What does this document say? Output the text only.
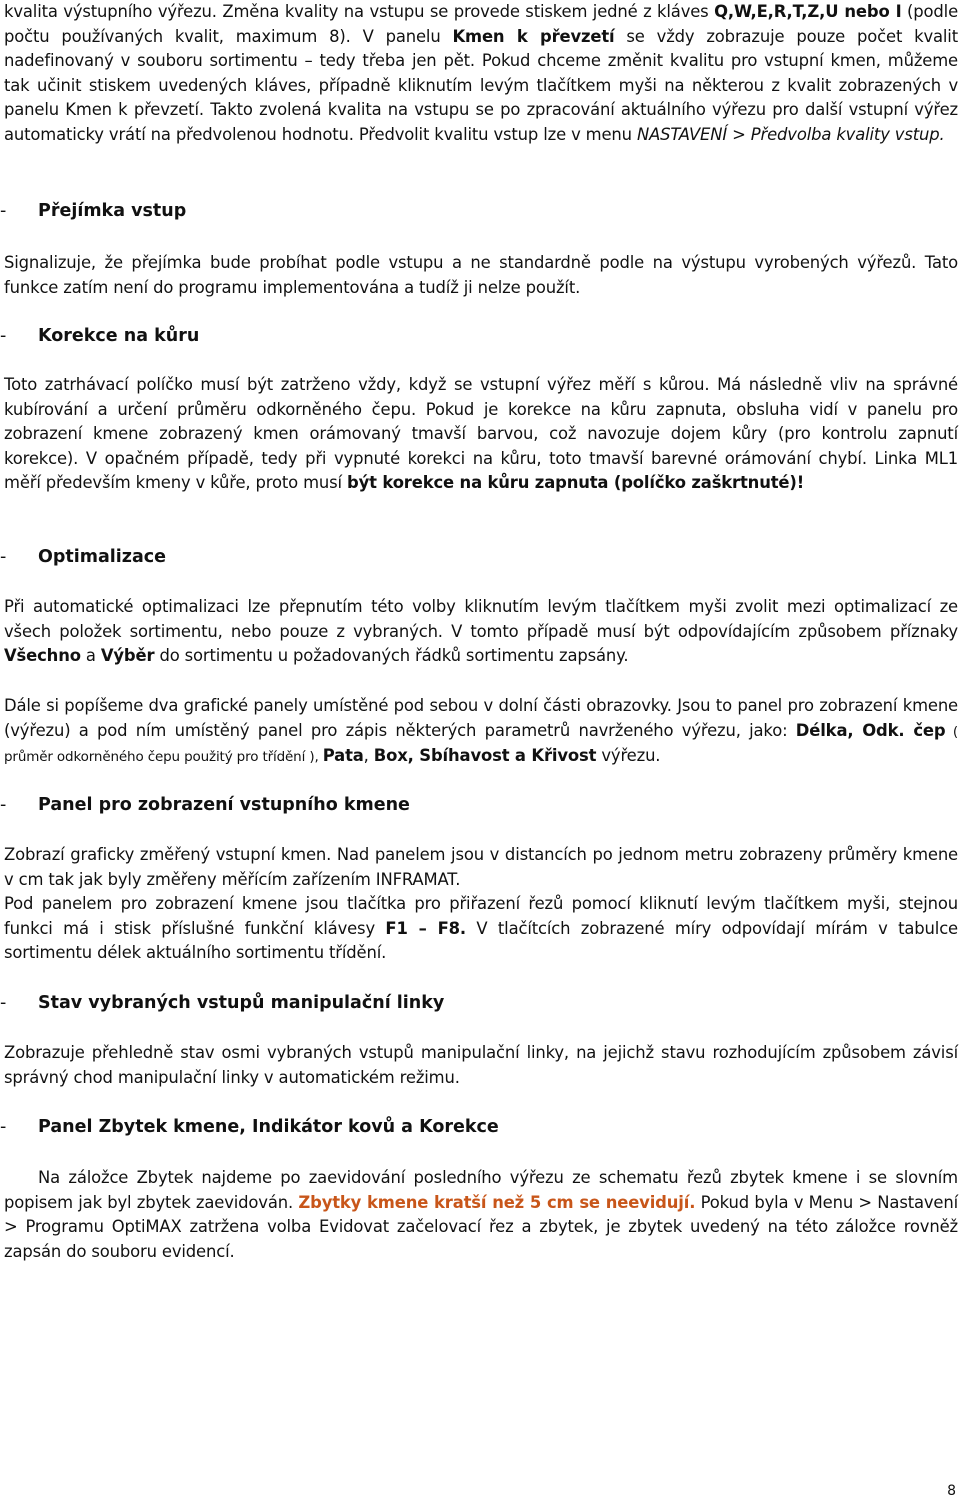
kvalita výstupního výřezu. Změna kvality na vstupu se provede stiskem jedné z kláves Q,W,E,R,T,Z,U nebo I (podle počtu používaných kvalit, maximum 8). V panelu Kmen k převzetí se vždy zobrazuje pouze počet kvalit nadefinovaný v souboru sortimentu – tedy třeba jen pět. Pokud chceme změnit kvalitu pro vstupní kmen, můžeme tak učinit stiskem uvedených kláves, případně kliknutím levým tlačítkem myši na některou z kvalit zobrazených v panelu Kmen k převzetí. Takto zvolená kvalita na vstupu se po zpracování aktuálního výřezu pro další vstupní výřez automaticky vrátí na předvolenou hodnotu. Předvolit kvalitu vstup lze v menu NASTAVENÍ > Předvolba kvality vstup.

- Přejímka vstup

Signalizuje, že přejímka bude probíhat podle vstupu a ne standardně podle na výstupu vyrobených výřezů. Tato funkce zatím není do programu implementována a tudíž ji nelze použít.

- Korekce na kůru

Toto zatrhávací políčko musí být zatrženo vždy, když se vstupní výřez měří s kůrou. Má následně vliv na správné kubírování a určení průměru odkorněného čepu. Pokud je korekce na kůru zapnuta, obsluha vidí v panelu pro zobrazení kmene zobrazený kmen orámovaný tmavší barvou, což navozuje dojem kůry (pro kontrolu zapnutí korekce). V opačném případě, tedy při vypnuté korekci na kůru, toto tmavší barevné orámování chybí. Linka ML1 měří především kmeny v kůře, proto musí být korekce na kůru zapnuta (políčko zaškrtnuté)!

- Optimalizace

Při automatické optimalizaci lze přepnutím této volby kliknutím levým tlačítkem myši zvolit mezi optimalizací ze všech položek sortimentu, nebo pouze z vybraných. V tomto případě musí být odpovídajícím způsobem příznaky Všechno a Výběr do sortimentu u požadovaných řádků sortimentu zapsány.

Dále si popíšeme dva grafické panely umístěné pod sebou v dolní části obrazovky. Jsou to panel pro zobrazení kmene (výřezu) a pod ním umístěný panel pro zápis některých parametrů navrženého výřezu, jako: Délka, Odk. čep ( průměr odkorněného čepu použitý pro třídění ), Pata, Box, Sbíhavost a Křivost výřezu.

- Panel pro zobrazení vstupního kmene

Zobrazí graficky změřený vstupní kmen. Nad panelem jsou v distancích po jednom metru zobrazeny průměry kmene v cm tak jak byly změřeny měřícím zařízením INFRAMAT.

Pod panelem pro zobrazení kmene jsou tlačítka pro přiřazení řezů pomocí kliknutí levým tlačítkem myši, stejnou funkci má i stisk příslušné funkční klávesy F1 – F8. V tlačítcích zobrazené míry odpovídají mírám v tabulce sortimentu délek aktuálního sortimentu třídění.

- Stav vybraných vstupů manipulační linky

Zobrazuje přehledně stav osmi vybraných vstupů manipulační linky, na jejichž stavu rozhodujícím způsobem závisí správný chod manipulační linky v automatickém režimu.

- Panel Zbytek kmene, Indikátor kovů a Korekce

Na záložce Zbytek najdeme po zaevidování posledního výřezu ze schematu řezů zbytek kmene i se slovním popisem jak byl zbytek zaevidován. Zbytky kmene kratší než 5 cm se neevidují. Pokud byla v Menu > Nastavení > Programu OptiMAX zatržena volba Evidovat začelovací řez a zbytek, je zbytek uvedený na této záložce rovněž zapsán do souboru evidencí.

8
